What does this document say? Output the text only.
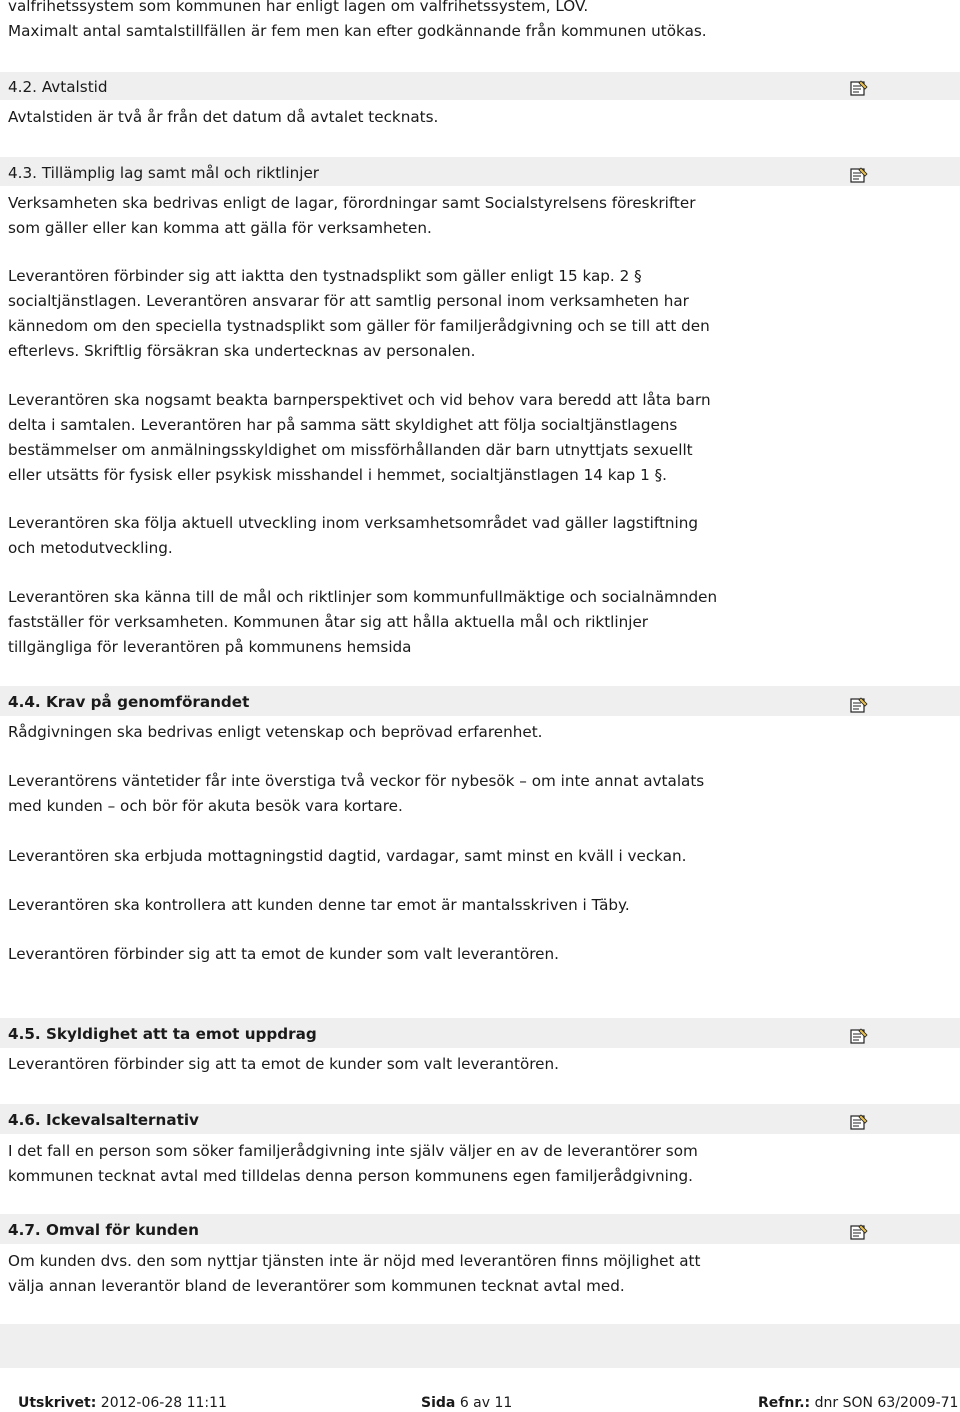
valfrihetssystem som kommunen har enligt lagen om valfrihetssystem, LOV.
Maximalt antal samtalstillfällen är fem men kan efter godkännande från kommunen utökas.
4.2. Avtalstid
Avtalstiden är två år från det datum då avtalet tecknats.
4.3. Tillämplig lag samt mål och riktlinjer
Verksamheten ska bedrivas enligt de lagar, förordningar samt Socialstyrelsens föreskrifter
som gäller eller kan komma att gälla för verksamheten.
Leverantören förbinder sig att iaktta den tystnadsplikt som gäller enligt 15 kap. 2 §
socialtjänstlagen. Leverantören ansvarar för att samtlig personal inom verksamheten har
kännedom om den speciella tystnadsplikt som gäller för familjerådgivning och se till att den
efterlevs. Skriftlig försäkran ska undertecknas av personalen.
Leverantören ska nogsamt beakta barnperspektivet och vid behov vara beredd att låta barn
delta i samtalen. Leverantören har på samma sätt skyldighet att följa socialtjänstlagens
bestämmelser om anmälningsskyldighet om missförhållanden där barn utnyttjats sexuellt
eller utsätts för fysisk eller psykisk misshandel i hemmet, socialtjänstlagen 14 kap 1 §.
Leverantören ska följa aktuell utveckling inom verksamhetsområdet vad gäller lagstiftning
och metodutveckling.
Leverantören ska känna till de mål och riktlinjer som kommunfullmäktige och socialnämnden
fastställer för verksamheten. Kommunen åtar sig att hålla aktuella mål och riktlinjer
tillgängliga för leverantören på kommunens hemsida
4.4. Krav på genomförandet
Rådgivningen ska bedrivas enligt vetenskap och beprövad erfarenhet.
Leverantörens väntetider får inte överstiga två veckor för nybesök – om inte annat avtalats
med kunden – och bör för akuta besök vara kortare.
Leverantören ska erbjuda mottagningstid dagtid, vardagar, samt minst en kväll i veckan.
Leverantören ska kontrollera att kunden denne tar emot är mantalsskriven i Täby.
Leverantören förbinder sig att ta emot de kunder som valt leverantören.
4.5. Skyldighet att ta emot uppdrag
Leverantören förbinder sig att ta emot de kunder som valt leverantören.
4.6. Ickevalsalternativ
I det fall en person som söker familjerådgivning inte själv väljer en av de leverantörer som
kommunen tecknat avtal med tilldelas denna person kommunens egen familjerådgivning.
4.7. Omval för kunden
Om kunden dvs. den som nyttjar tjänsten inte är nöjd med leverantören finns möjlighet att
välja annan leverantör bland de leverantörer som kommunen tecknat avtal med.
Utskrivet: 2012-06-28 11:11	Sida 6 av 11	Refnr.: dnr SON 63/2009-71
